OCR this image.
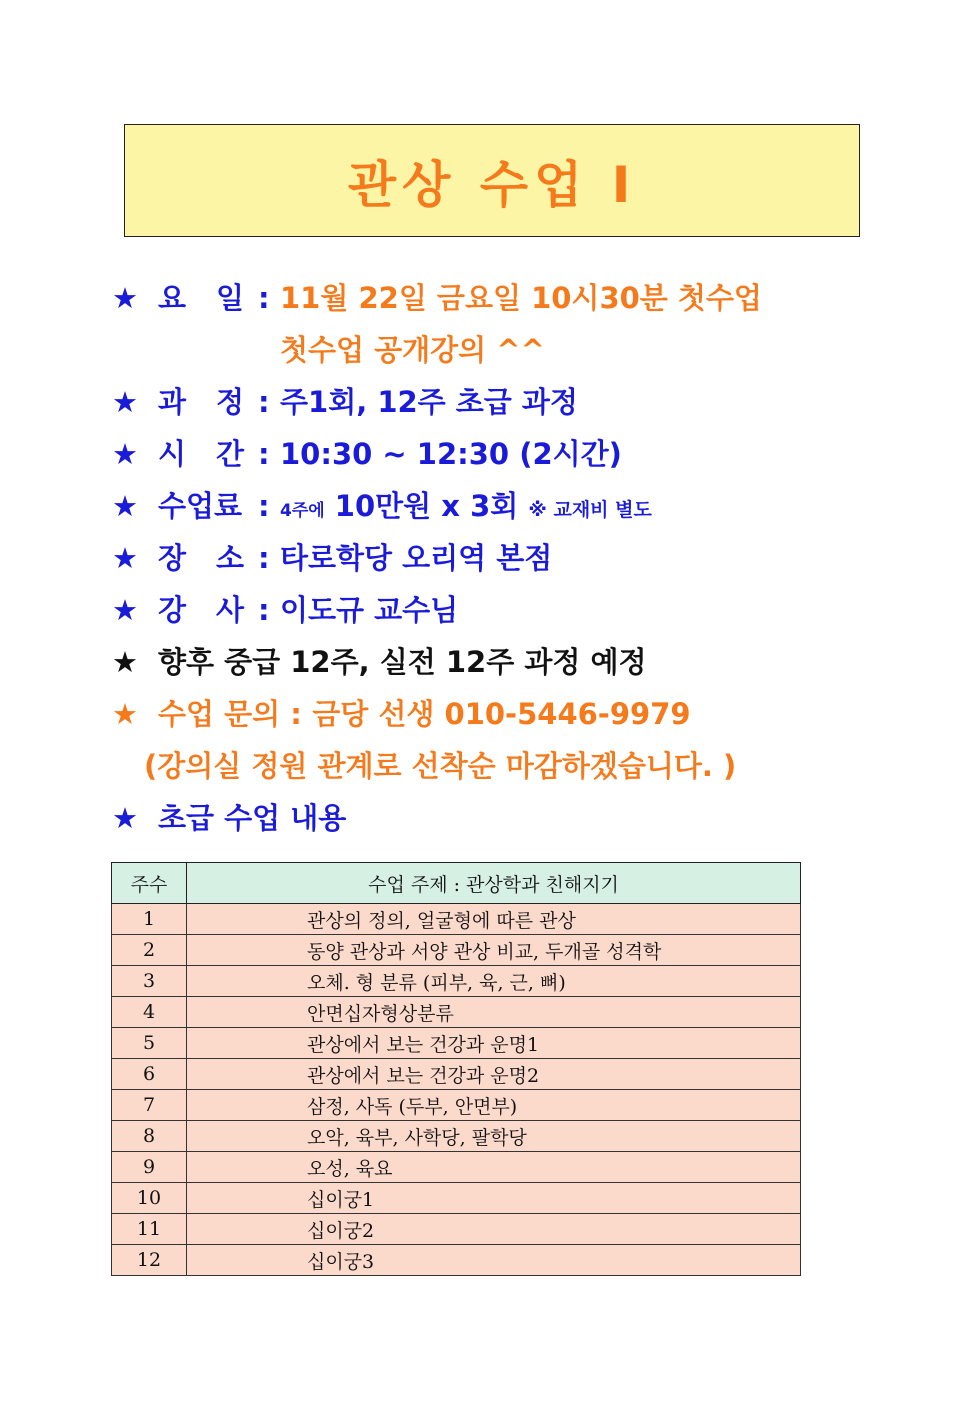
관상 수업 Ⅰ
★ 요 일 : 11월 22일 금요일 10시30분 첫수업
첫수업 공개강의 ^^
★ 과 정 : 주1회, 12주 초급 과정
★ 시 간 : 10:30 ~ 12:30 (2시간)
★ 수업료 : 4주에 10만원 x 3회 ※ 교재비 별도
★ 장 소 : 타로학당 오리역 본점
★ 강 사 : 이도규 교수님
★ 향후 중급 12주, 실전 12주 과정 예정
★ 수업 문의 : 금당 선생 010-5446-9979
(강의실 정원 관계로 선착순 마감하겠습니다. )
★ 초급 수업 내용
주수	수업 주제 : 관상학과 친해지기
1	관상의 정의, 얼굴형에 따른 관상
2	동양 관상과 서양 관상 비교, 두개골 성격학
3	오체. 형 분류 (피부, 육, 근, 뼈)
4	안면십자형상분류
5	관상에서 보는 건강과 운명1
6	관상에서 보는 건강과 운명2
7	삼정, 사독 (두부, 안면부)
8	오악, 육부, 사학당, 팔학당
9	오성, 육요
10	십이궁1
11	십이궁2
12	십이궁3
